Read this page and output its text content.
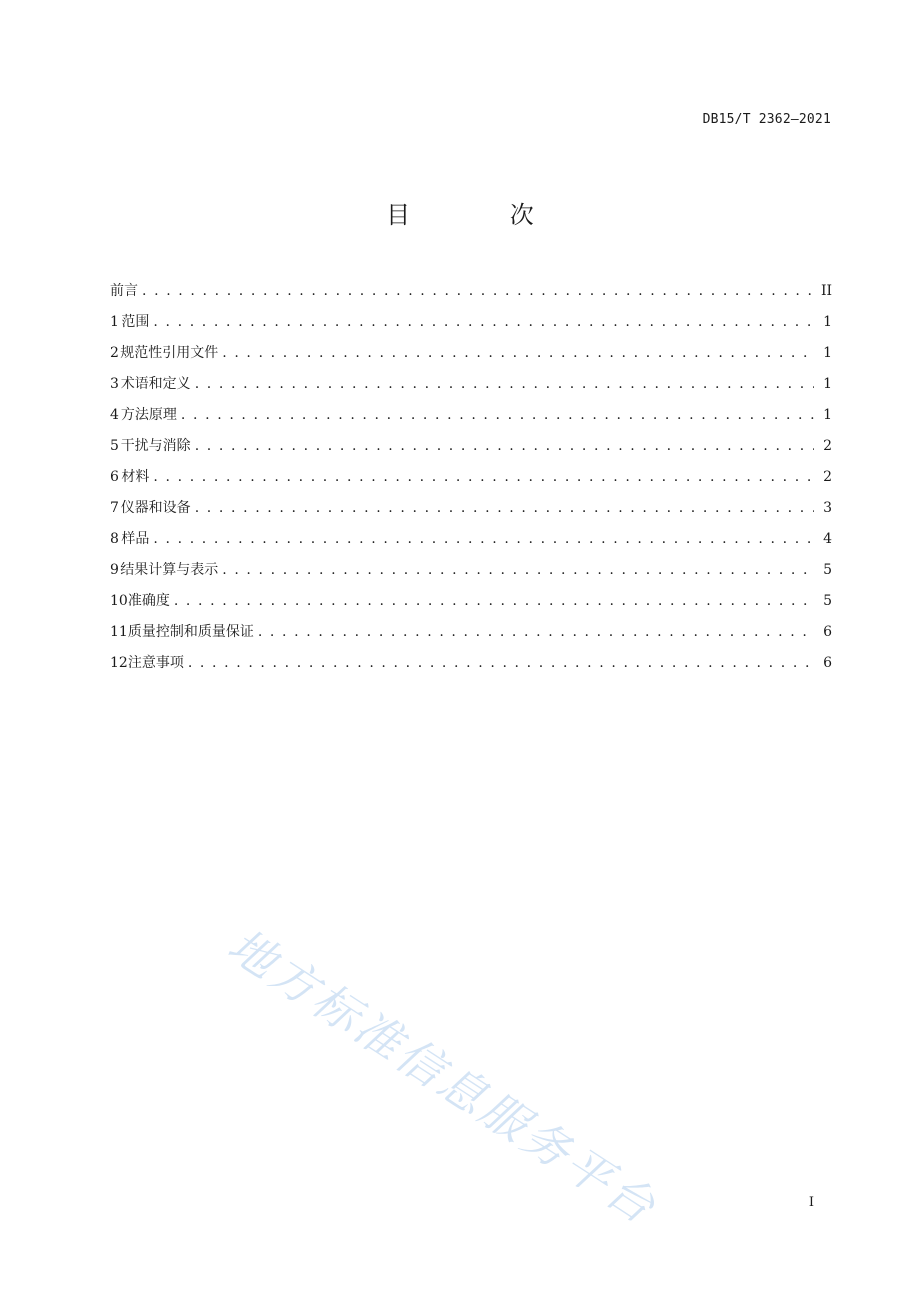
DB15/T 2362—2021
目 次
前言 . . .	II
1 范围 . . .	1
2 规范性引用文件 . . .	1
3 术语和定义 . . .	1
4 方法原理 . . .	1
5 干扰与消除 . . .	2
6 材料 . . .	2
7 仪器和设备 . . .	3
8 样品 . . .	4
9 结果计算与表示 . . .	5
10 准确度 . . .	5
11 质量控制和质量保证 . . .	6
12 注意事项 . . .	6
地方标准信息服务平台	I
